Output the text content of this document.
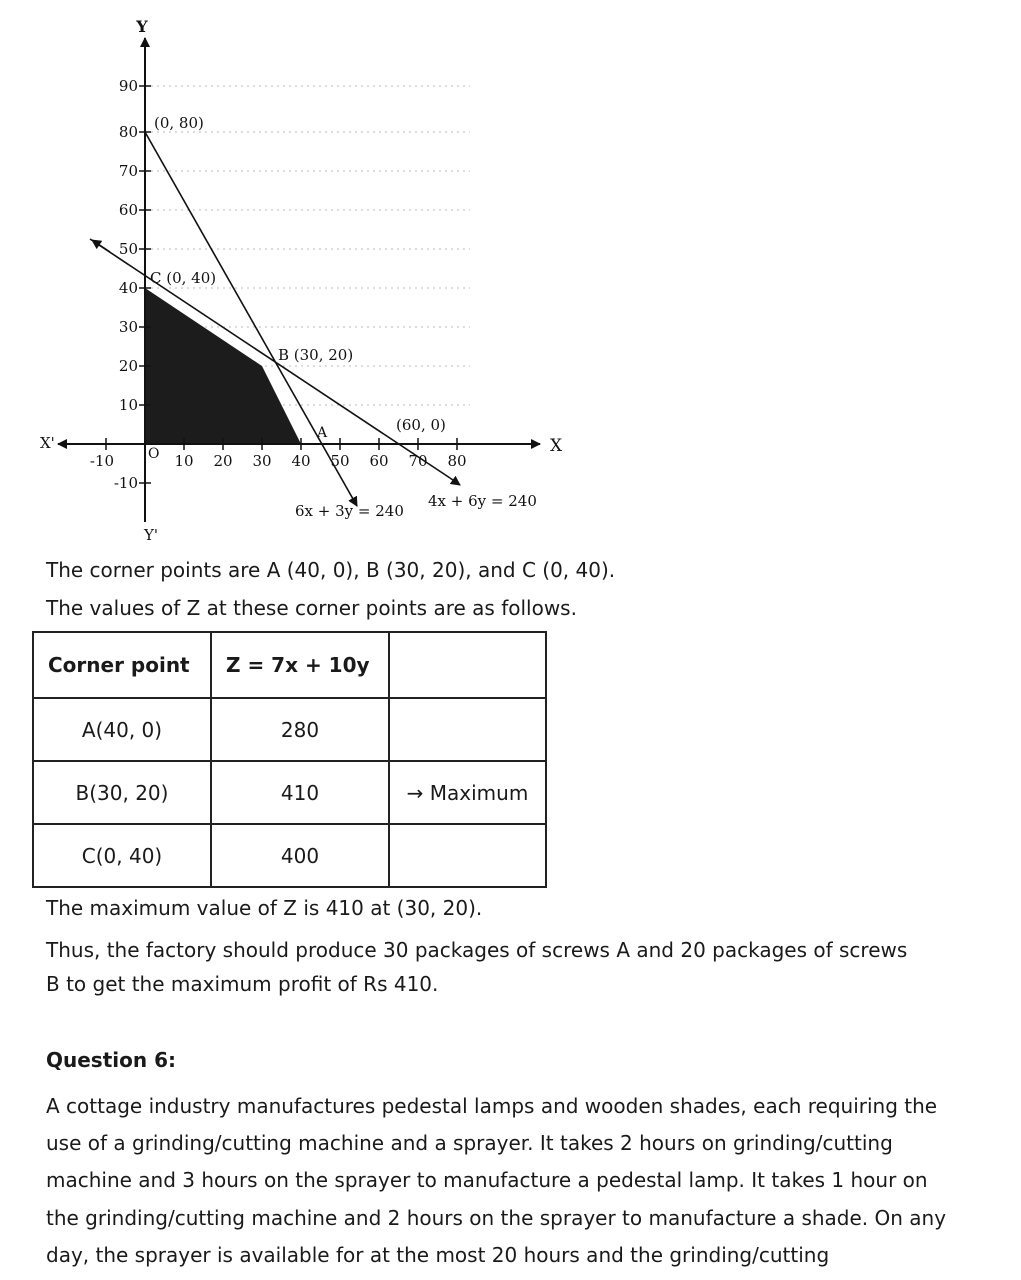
-10	10 20 30 40 50 60 70 80
90
80
70
60
50
40
30
20
10
-10
Y
Y'
X
X'
O
(0, 80)
C (0, 40)
B (30, 20)
A	(60, 0)
6x + 3y = 240
4x + 6y = 240

The corner points are A (40, 0), B (30, 20), and C (0, 40).

The values of Z at these corner points are as follows.

Corner point	Z = 7x + 10y	
A(40, 0)	280	
B(30, 20)	410	→ Maximum
C(0, 40)	400	

The maximum value of Z is 410 at (30, 20).

Thus, the factory should produce 30 packages of screws A and 20 packages of screws

B to get the maximum profit of Rs 410.

Question 6:

A cottage industry manufactures pedestal lamps and wooden shades, each requiring the

use of a grinding/cutting machine and a sprayer. It takes 2 hours on grinding/cutting

machine and 3 hours on the sprayer to manufacture a pedestal lamp. It takes 1 hour on

the grinding/cutting machine and 2 hours on the sprayer to manufacture a shade. On any

day, the sprayer is available for at the most 20 hours and the grinding/cutting
